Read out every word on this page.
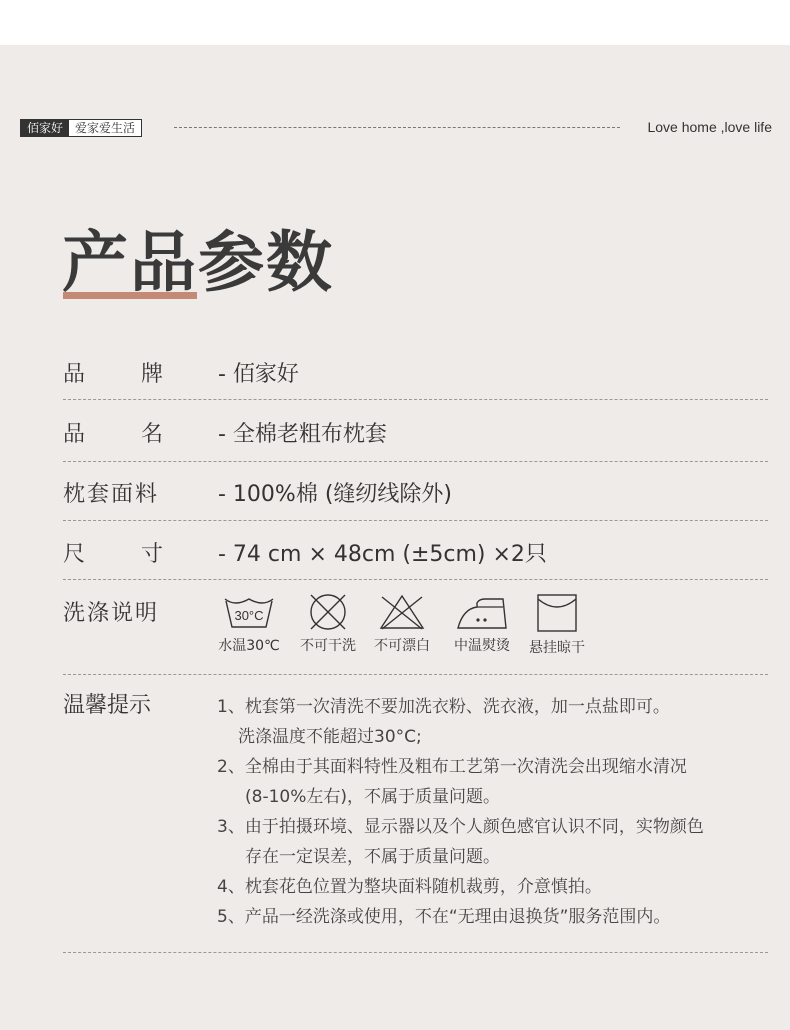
佰家好	爱家爱生活	Love home ,love life
产品参数
品	牌	- 佰家好
品	名	- 全棉老粗布枕套
枕套面料	- 100%棉 (缝纫线除外)
尺	寸	- 74 cm × 48cm (±5cm) ×2只
洗涤说明	30°C
水温30℃ 不可干洗 不可漂白	中温熨烫	悬挂晾干
温馨提示	1、枕套第一次清洗不要加洗衣粉、洗衣液，加一点盐即可。
洗涤温度不能超过30°C;
2、全棉由于其面料特性及粗布工艺第一次清洗会出现缩水清况
(8-10%左右)，不属于质量问题。
3、由于拍摄环境、显示器以及个人颜色感官认识不同，实物颜色
存在一定误差，不属于质量问题。
4、枕套花色位置为整块面料随机裁剪，介意慎拍。
5、产品一经洗涤或使用，不在“无理由退换货”服务范围内。
